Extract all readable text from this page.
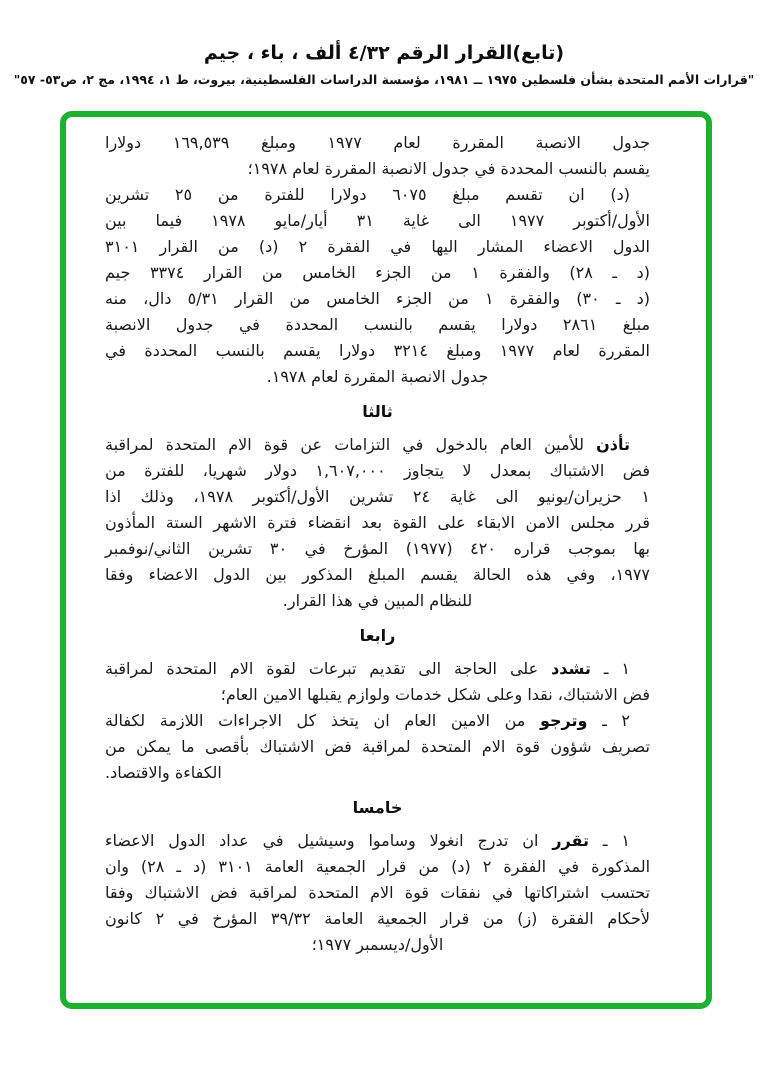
(تابع)القرار الرقم ٤/٣٢ ألف ، باء ، جيم
"قرارات الأمم المتحدة بشأن فلسطين ١٩٧٥ ــ ١٩٨١، مؤسسة الدراسات الفلسطينية، بيروت، ط ١، ١٩٩٤، مج ٢، ص٥٣- ٥٧"
جدول الانصبة المقررة لعام ١٩٧٧ ومبلغ ١٦٩,٥٣٩ دولارا
يقسم بالنسب المحددة في جدول الانصبة المقررة لعام ١٩٧٨؛
(د) ان تقسم مبلغ ٦٠٧٥ دولارا للفترة من ٢٥ تشرين
الأول/أكتوبر ١٩٧٧ الى غاية ٣١ أيار/مايو ١٩٧٨ فيما بين
الدول الاعضاء المشار اليها في الفقرة ٢ (د) من القرار ٣١٠١
(د ـ ٢٨) والفقرة ١ من الجزء الخامس من القرار ٣٣٧٤ جيم
(د ـ ٣٠) والفقرة ١ من الجزء الخامس من القرار ٥/٣١ دال، منه
مبلغ ٢٨٦١ دولارا يقسم بالنسب المحددة في جدول الانصبة
المقررة لعام ١٩٧٧ ومبلغ ٣٢١٤ دولارا يقسم بالنسب المحددة في
جدول الانصبة المقررة لعام ١٩٧٨.
ثالثا
تأذن للأمين العام بالدخول في التزامات عن قوة الام المتحدة لمراقبة
فض الاشتباك بمعدل لا يتجاوز ١,٦٠٧,٠٠٠ دولار شهريا، للفترة من
١ حزيران/يونيو الى غاية ٢٤ تشرين الأول/أكتوبر ١٩٧٨، وذلك اذا
قرر مجلس الامن الابقاء على القوة بعد انقضاء فترة الاشهر الستة المأذون
بها بموجب قراره ٤٢٠ (١٩٧٧) المؤرخ في ٣٠ تشرين الثاني/نوفمبر
١٩٧٧، وفي هذه الحالة يقسم المبلغ المذكور بين الدول الاعضاء وفقا
للنظام المبين في هذا القرار.
رابعا
١ ـ تشدد على الحاجة الى تقديم تبرعات لقوة الام المتحدة لمراقبة
فض الاشتباك، نقدا وعلى شكل خدمات ولوازم يقبلها الامين العام؛
٢ ـ وترجو من الامين العام ان يتخذ كل الاجراءات اللازمة لكفالة
تصريف شؤون قوة الام المتحدة لمراقبة فض الاشتباك بأقصى ما يمكن من
الكفاءة والاقتصاد.
خامسا
١ ـ تقرر ان تدرج انغولا وساموا وسيشيل في عداد الدول الاعضاء
المذكورة في الفقرة ٢ (د) من قرار الجمعية العامة ٣١٠١ (د ـ ٢٨) وان
تحتسب اشتراكاتها في نفقات قوة الام المتحدة لمراقبة فض الاشتباك وفقا
لأحكام الفقرة (ز) من قرار الجمعية العامة ٣٩/٣٢ المؤرخ في ٢ كانون
الأول/ديسمبر ١٩٧٧؛
